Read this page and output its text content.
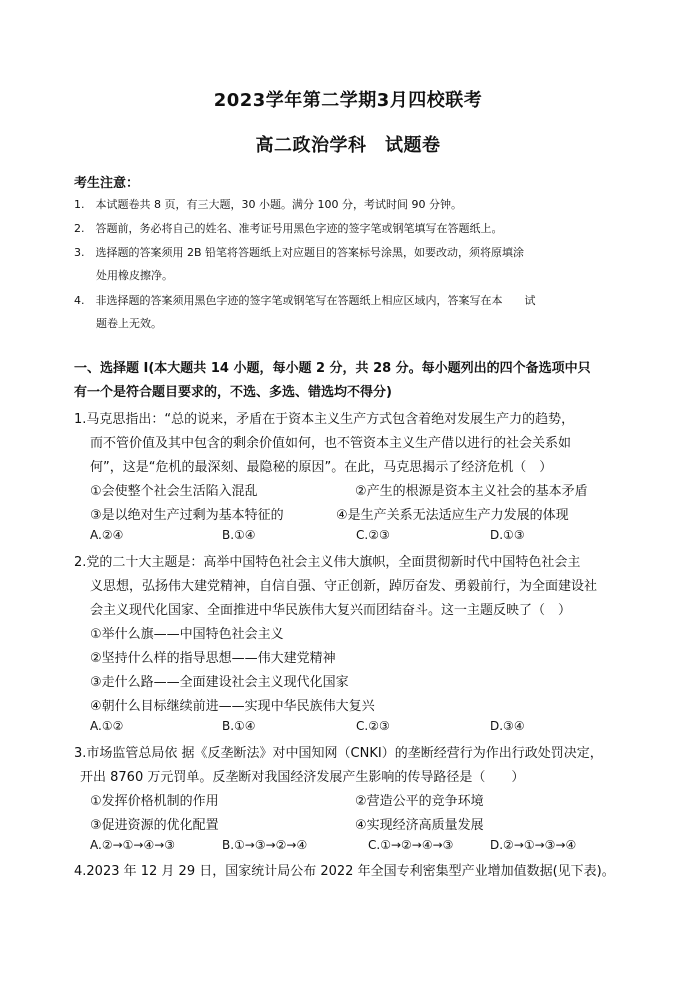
2023学年第二学期3月四校联考
高二政治学科　试题卷
考生注意：
1.　本试题卷共 8 页，有三大题，30 小题。满分 100 分，考试时间 90 分钟。
2.　答题前，务必将自己的姓名、准考证号用黑色字迹的签字笔或钢笔填写在答题纸上。
3.　选择题的答案须用 2B 铅笔将答题纸上对应题目的答案标号涂黑，如要改动，须将原填涂
处用橡皮擦净。
4.　非选择题的答案须用黑色字迹的签字笔或钢笔写在答题纸上相应区域内，答案写在本　　试
题卷上无效。
一、选择题 I(本大题共 14 小题，每小题 2 分，共 28 分。每小题列出的四个备选项中只
有一个是符合题目要求的，不选、多选、错选均不得分)
1.马克思指出：“总的说来，矛盾在于资本主义生产方式包含着绝对发展生产力的趋势，
而不管价值及其中包含的剩余价值如何，也不管资本主义生产借以进行的社会关系如
何”，这是“危机的最深刻、最隐秘的原因”。在此，马克思揭示了经济危机（　）
①会使整个社会生活陷入混乱	②产生的根源是资本主义社会的基本矛盾
③是以绝对生产过剩为基本特征的	④是生产关系无法适应生产力发展的体现
A.②④	B.①④	C.②③	D.①③
2.党的二十大主题是：高举中国特色社会主义伟大旗帜，全面贯彻新时代中国特色社会主
义思想，弘扬伟大建党精神，自信自强、守正创新，踔厉奋发、勇毅前行，为全面建设社
会主义现代化国家、全面推进中华民族伟大复兴而团结奋斗。这一主题反映了（　）
①举什么旗——中国特色社会主义
②坚持什么样的指导思想——伟大建党精神
③走什么路——全面建设社会主义现代化国家
④朝什么目标继续前进——实现中华民族伟大复兴
A.①②	B.①④	C.②③	D.③④
3.市场监管总局依 据《反垄断法》对中国知网（CNKI）的垄断经营行为作出行政处罚决定，
开出 8760 万元罚单。反垄断对我国经济发展产生影响的传导路径是（　　）
①发挥价格机制的作用	②营造公平的竞争环境
③促进资源的优化配置	④实现经济高质量发展
A.②→①→④→③	B.①→③→②→④	C.①→②→④→③	D.②→①→③→④
4.2023 年 12 月 29 日，国家统计局公布 2022 年全国专利密集型产业增加值数据(见下表)。
